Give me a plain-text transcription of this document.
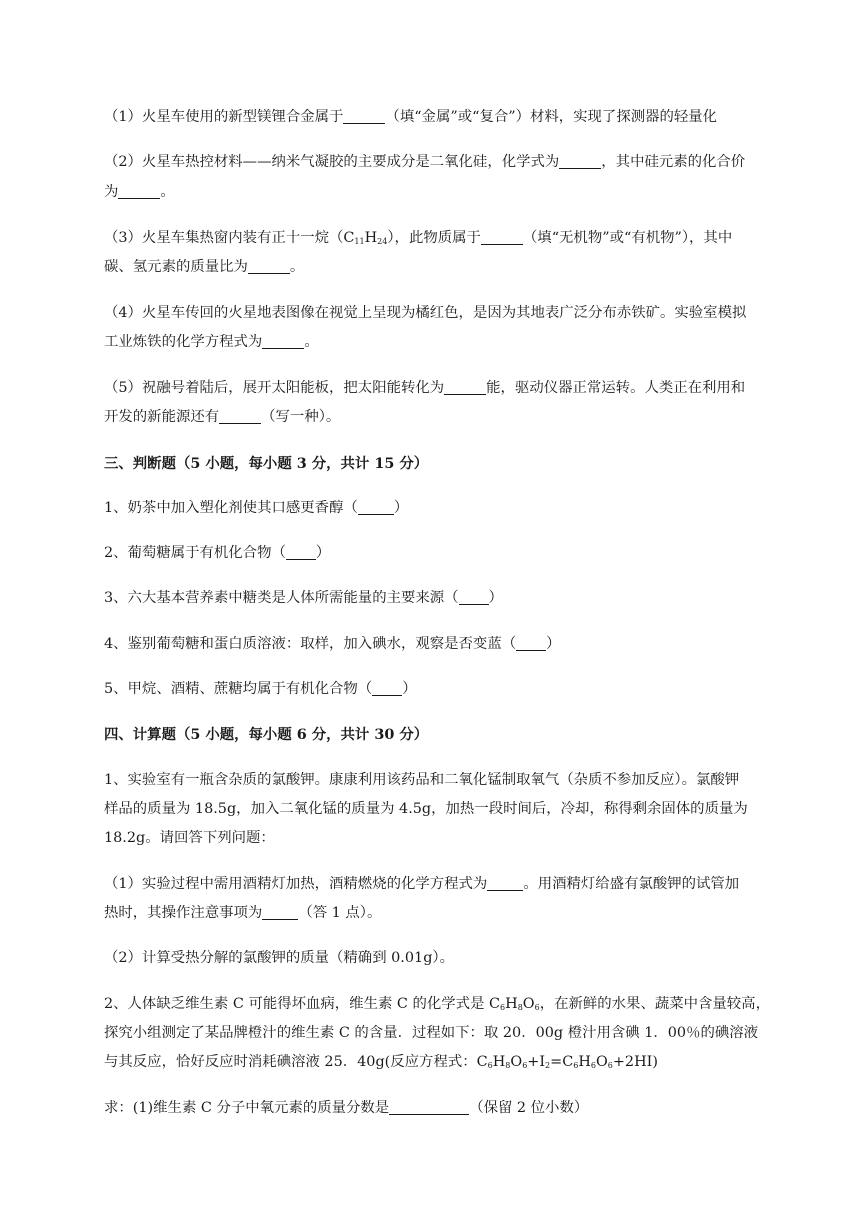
（1）火星车使用的新型镁锂合金属于	（填“金属”或“复合”）材料，实现了探测器的轻量化

（2）火星车热控材料——纳米气凝胶的主要成分是二氧化硅，化学式为	，其中硅元素的化合价

为	。

（3）火星车集热窗内装有正十一烷$(C_{11}H_{24})$，此物质属于	（填“无机物”或“有机物”），其中

碳、氢元素的质量比为	。

（4）火星车传回的火星地表图像在视觉上呈现为橘红色，是因为其地表广泛分布赤铁矿。实验室模拟

工业炼铁的化学方程式为	。

（5）祝融号着陆后，展开太阳能板，把太阳能转化为	能，驱动仪器正常运转。人类正在利用和

开发的新能源还有	（写一种）。

三、判断题（5 小题，每小题 3 分，共计 15 分）

1、奶茶中加入塑化剂使其口感更香醇（	）

2、葡萄糖属于有机化合物（ ）

3、六大基本营养素中糖类是人体所需能量的主要来源（ ）

4、鉴别葡萄糖和蛋白质溶液：取样，加入碘水，观察是否变蓝（ ）

5、甲烷、酒精、蔗糖均属于有机化合物（ ）

四、计算题（5 小题，每小题 6 分，共计 30 分）

1、实验室有一瓶含杂质的氯酸钾。康康利用该药品和二氧化锰制取氧气（杂质不参加反应）。氯酸钾

样品的质量为 18.5g，加入二氧化锰的质量为 4.5g，加热一段时间后，冷却，称得剩余固体的质量为

18.2g。请回答下列问题：

（1）实验过程中需用酒精灯加热，酒精燃烧的化学方程式为	。用酒精灯给盛有氯酸钾的试管加

热时，其操作注意事项为	（答 1 点）。

（2）计算受热分解的氯酸钾的质量（精确到 0.01g）。

2、人体缺乏维生素 C 可能得坏血病，维生素 C 的化学式是 $C_6H_8O_6$，在新鲜的水果、蔬菜中含量较高，

探究小组测定了某品牌橙汁的维生素 C 的含量．过程如下：取 20．00g 橙汁用含碘 1．00％的碘溶液

与其反应，恰好反应时消耗碘溶液 25．40g(反应方程式：$C_6H_8O_6+I_2=C_6H_6O_6+2HI$)

求：(1)维生素 C 分子中氧元素的质量分数是	（保留 2 位小数）
